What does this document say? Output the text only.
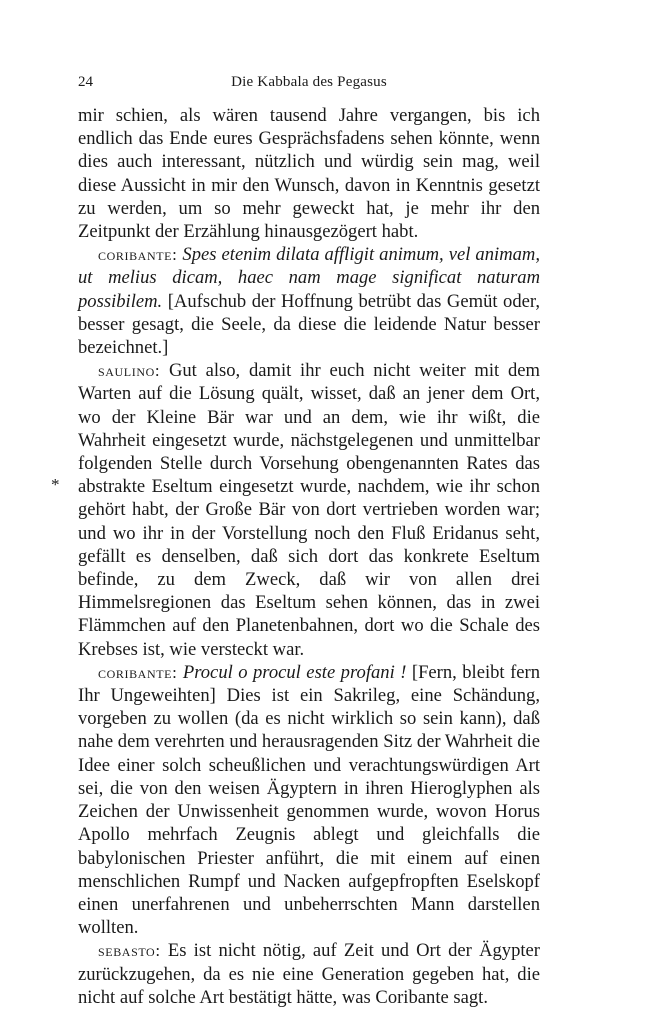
24	Die Kabbala des Pegasus
*

mir schien, als wären tausend Jahre vergangen, bis ich endlich das Ende eures Gesprächsfadens sehen könnte, wenn dies auch interessant, nützlich und würdig sein mag, weil diese Aussicht in mir den Wunsch, davon in Kenntnis gesetzt zu werden, um so mehr geweckt hat, je mehr ihr den Zeitpunkt der Erzählung hinausgezögert habt.

coribante: Spes etenim dilata affligit animum, vel animam, ut melius dicam, haec nam mage significat naturam possibilem. [Aufschub der Hoffnung betrübt das Gemüt oder, besser gesagt, die Seele, da diese die leidende Natur besser bezeichnet.]

saulino: Gut also, damit ihr euch nicht weiter mit dem Warten auf die Lösung quält, wisset, daß an jener dem Ort, wo der Kleine Bär war und an dem, wie ihr wißt, die Wahrheit eingesetzt wurde, nächstgelegenen und unmittelbar folgenden Stelle durch Vorsehung obengenannten Rates das abstrakte Eseltum eingesetzt wurde, nachdem, wie ihr schon gehört habt, der Große Bär von dort vertrieben worden war; und wo ihr in der Vorstellung noch den Fluß Eridanus seht, gefällt es denselben, daß sich dort das konkrete Eseltum befinde, zu dem Zweck, daß wir von allen drei Himmelsregionen das Eseltum sehen können, das in zwei Flämmchen auf den Planetenbahnen, dort wo die Schale des Krebses ist, wie versteckt war.

coribante: Procul o procul este profani ! [Fern, bleibt fern Ihr Ungeweihten] Dies ist ein Sakrileg, eine Schändung, vorgeben zu wollen (da es nicht wirklich so sein kann), daß nahe dem verehrten und herausragenden Sitz der Wahrheit die Idee einer solch scheußlichen und verachtungswürdigen Art sei, die von den weisen Ägyptern in ihren Hieroglyphen als Zeichen der Unwissenheit genommen wurde, wovon Horus Apollo mehrfach Zeugnis ablegt und gleichfalls die babylonischen Priester anführt, die mit einem auf einen menschlichen Rumpf und Nacken aufgepfropften Eselskopf einen unerfahrenen und unbeherrschten Mann darstellen wollten.

sebasto: Es ist nicht nötig, auf Zeit und Ort der Ägypter zurückzugehen, da es nie eine Generation gegeben hat, die nicht auf solche Art bestätigt hätte, was Coribante sagt.
